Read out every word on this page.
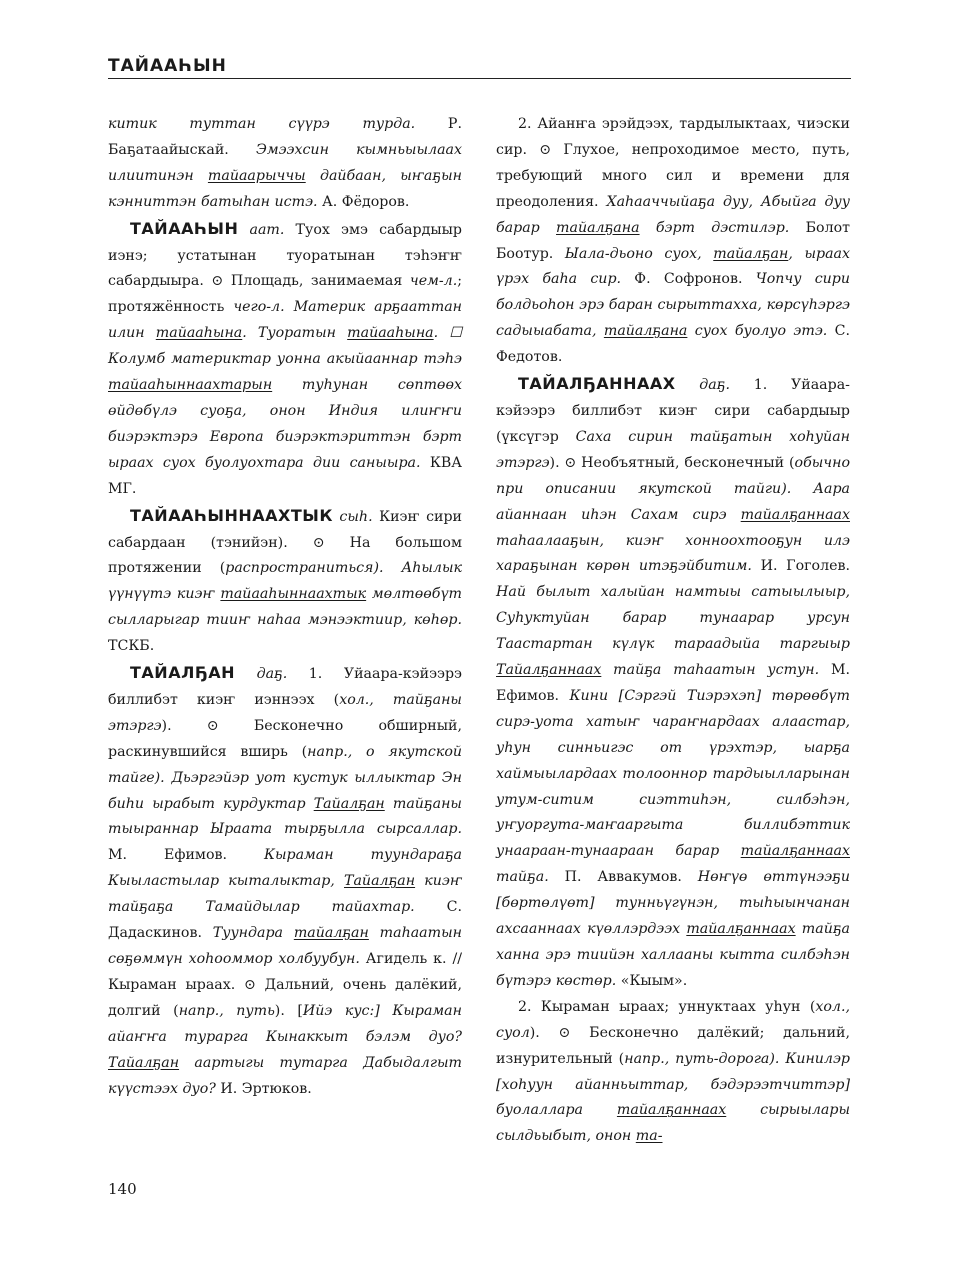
ТАЙААҺЫН

китик туттан сүүрэ турда. Р. Баҕатаайыскай. Эмээхсин кымньыылаах илиитинэн тайаарыччы дайбаан, ыҥаҕын кэнниттэн батыһан истэ. А. Фёдоров.

ТАЙААҺЫН аат. Туох эмэ сабардыыр иэнэ; устатынан туоратынан тэһэҥҥ сабардыыра. ⊙ Площадь, занимаемая чем-л.; протяжённость чего-л. Материк арҕааттан илин тайааһына. Туоратын тайааһына. ☐ Колумб материктар уонна акыйааннар тэһэ тайааһыннаахтарын туһунан сөптөөх өйдөбүлэ суоҕа, онон Индия илиҥҥи биэрэктэрэ Европа биэрэктэриттэн бэрт ыраах суох буолуохтара дии саныыра. КВА МГ.

ТАЙААҺЫННААХТЫК сыһ. Киэҥ сири сабардаан (тэнийэн). ⊙ На большом протяжении (распространиться). Аһылык үүнүүтэ киэҥ тайааһыннаахтык мөлтөөбүт сылларыгар тииҥ наһаа мэнээктиир, көһөр. ТСКБ.

ТАЙАЛҔАН даҕ. 1. Уйаара-кэйээрэ биллибэт киэҥ иэннээх (хол., тайҕаны этэргэ). ⊙ Бесконечно обширный, раскинувшийся вширь (напр., о якутской тайге). Дьэргэйэр уот кустук ыллыктар Эн биһи ырабыт курдуктар Тайалҕан тайҕаны тыыраннар Ыраата тырҕылла сырсаллар. М. Ефимов. Кыраман туундараҕа Кыыластылар кыталыктар, Тайалҕан киэҥ тайҕаҕа Тамайдылар тайахтар. С. Дадаскинов. Туундара тайалҕан таһаатын сөҕөммүн хоһооммор холбуубун. Агидель к. // Кыраман ыраах. ⊙ Дальний, очень далёкий, долгий (напр., путь). [Ийэ кус:] Кыраман айаҥҥа турарга Кынаккыт бэлэм дуо? Тайалҕан аартыгы тутарга Дабыдалгыт күүстээх дуо? И. Эртюков.

2. Айанҥа эрэйдээх, тардылыктаах, чиэски сир. ⊙ Глухое, непроходимое место, путь, требующий много сил и времени для преодоления. Хаһааччыйаҕа дуу, Абыйга дуу барар тайалҕана бэрт дэстилэр. Болот Боотур. Ыала-дьоно суох, тайалҕан, ыраах үрэх баһа сир. Ф. Софронов. Чопчу сири болдьоһон эрэ баран сырыттахха, көрсүһэргэ садыыабата, тайалҕана суох буолуо этэ. С. Федотов.

ТАЙАЛҔАННААХ даҕ. 1. Уйаара-кэйээрэ биллибэт киэҥ сири сабардыыр (үксүгэр Саха сирин тайҕатын хоһуйан этэргэ). ⊙ Необъятный, бесконечный (обычно при описании якутской тайги). Аара айаннаан иһэн Сахам сирэ тайалҕаннаах таһаалааҕын, киэҥ хонноохтооҕун илэ хараҕынан көрөн итэҕэйбитим. И. Гоголев. Най былыт халыйан намтыы сатыылыыр, Суһуктуйан барар тунаарар урсун Таастартан күлүк тараадыйа таргыыр Тайалҕаннаах тайҕа таһаатын устун. М. Ефимов. Кини [Сэргэй Тиэрэхэп] төрөөбүт сирэ-уота хатыҥ чараҥнардаах алаастар, уһун синньигэс от үрэхтэр, ыарҕа хаймыылардаах толооннор тардыылларынан утум-ситим сиэттиһэн, силбэһэн, уҥуоргута-маҥааргыта биллибэттик унаараан-тунаараан барар тайалҕаннаах тайҕа. П. Аввакумов. Нөҥүө өттүнээҕи [бөртөлүөт] тунньүгүнэн, тыһыынчанан ахсааннаах күөллэрдээх тайалҕаннаах тайҕа ханна эрэ тиийэн халлааны кытта силбэһэн бүтэрэ көстөр. «Кыым».

2. Кыраман ыраах; уннуктаах уһун (хол., суол). ⊙ Бесконечно далёкий; дальний, изнурительный (напр., путь-дорога). Кинилэр [хоһуун айанньыттар, бэдэрээтчиттэр] буолаллара тайалҕаннаах сырыылары сылдьыбыт, онон та-

140
